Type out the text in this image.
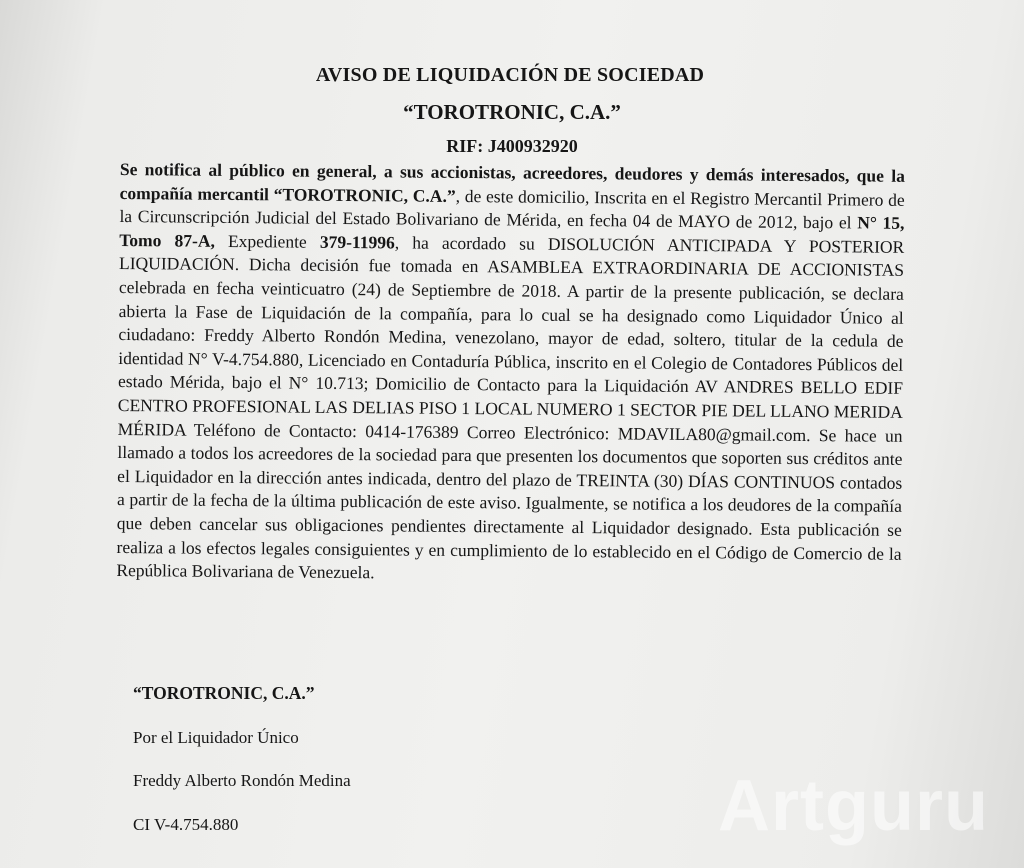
AVISO DE LIQUIDACIÓN DE SOCIEDAD
“TOROTRONIC, C.A.”
RIF: J400932920
Se notifica al público en general, a sus accionistas, acreedores, deudores y demás interesados, que la compañía mercantil “TOROTRONIC, C.A.”, de este domicilio, Inscrita en el Registro Mercantil Primero de la Circunscripción Judicial del Estado Bolivariano de Mérida, en fecha 04 de MAYO de 2012, bajo el N° 15, Tomo 87-A, Expediente 379-11996, ha acordado su DISOLUCIÓN ANTICIPADA Y POSTERIOR LIQUIDACIÓN. Dicha decisión fue tomada en ASAMBLEA EXTRAORDINARIA DE ACCIONISTAS celebrada en fecha veinticuatro (24) de Septiembre de 2018. A partir de la presente publicación, se declara abierta la Fase de Liquidación de la compañía, para lo cual se ha designado como Liquidador Único al ciudadano: Freddy Alberto Rondón Medina, venezolano, mayor de edad, soltero, titular de la cedula de identidad N° V-4.754.880, Licenciado en Contaduría Pública, inscrito en el Colegio de Contadores Públicos del estado Mérida, bajo el N° 10.713; Domicilio de Contacto para la Liquidación AV ANDRES BELLO EDIF CENTRO PROFESIONAL LAS DELIAS PISO 1 LOCAL NUMERO 1 SECTOR PIE DEL LLANO MERIDA MÉRIDA Teléfono de Contacto: 0414-176389 Correo Electrónico: MDAVILA80@gmail.com. Se hace un llamado a todos los acreedores de la sociedad para que presenten los documentos que soporten sus créditos ante el Liquidador en la dirección antes indicada, dentro del plazo de TREINTA (30) DÍAS CONTINUOS contados a partir de la fecha de la última publicación de este aviso. Igualmente, se notifica a los deudores de la compañía que deben cancelar sus obligaciones pendientes directamente al Liquidador designado. Esta publicación se realiza a los efectos legales consiguientes y en cumplimiento de lo establecido en el Código de Comercio de la República Bolivariana de Venezuela.
“TOROTRONIC, C.A.”
Por el Liquidador Único
Freddy Alberto Rondón Medina
CI V-4.754.880	Artguru
